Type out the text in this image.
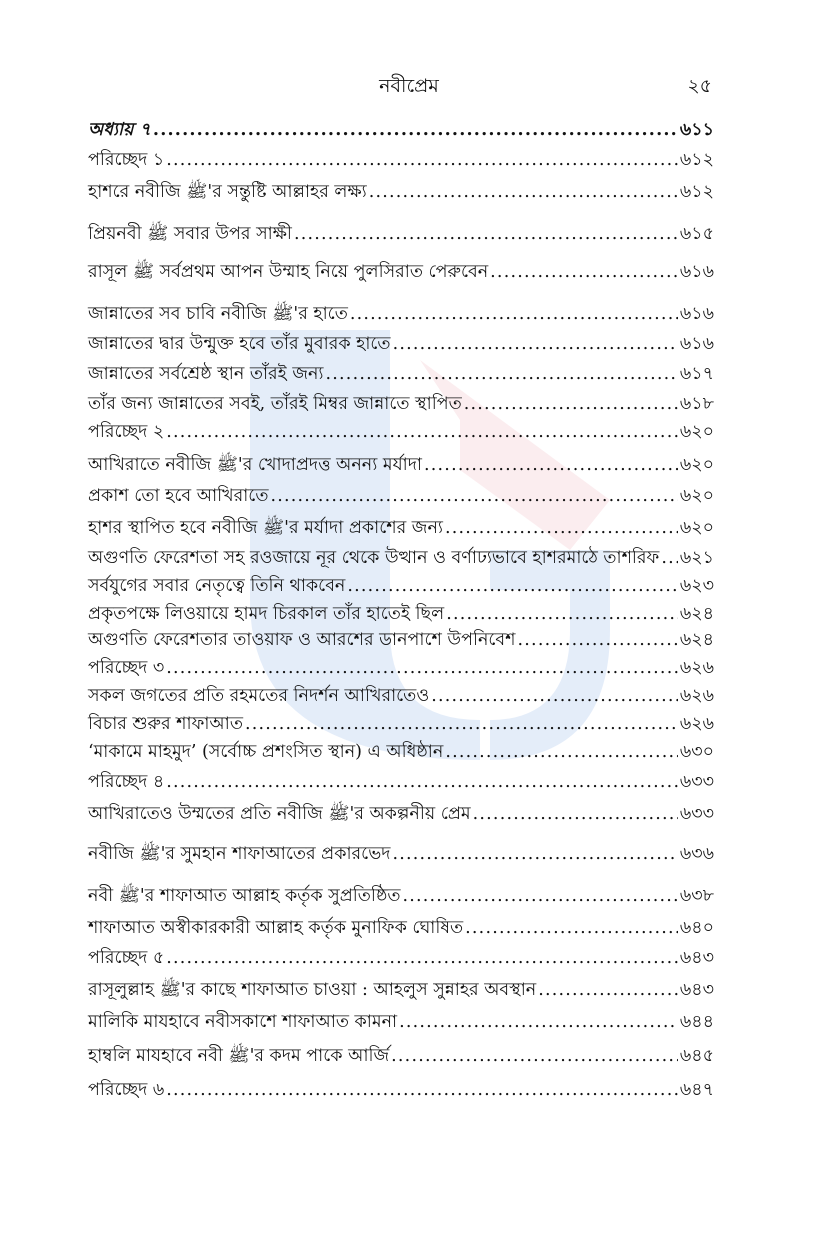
নবীপ্রেম	২৫
অধ্যায় ৭ .....	৬১১
পরিচ্ছেদ ১ .....	৬১২
হাশরে নবীজি ﷺ'র সন্তুষ্টি আল্লাহর লক্ষ্য .....	৬১২
প্রিয়নবী ﷺ সবার উপর সাক্ষী .....	৬১৫
রাসূল ﷺ সর্বপ্রথম আপন উম্মাহ নিয়ে পুলসিরাত পেরুবেন .....	৬১৬
জান্নাতের সব চাবি নবীজি ﷺ'র হাতে .....	৬১৬
জান্নাতের দ্বার উন্মুক্ত হবে তাঁর মুবারক হাতে .....	৬১৬
জান্নাতের সর্বশ্রেষ্ঠ স্থান তাঁরই জন্য .....	৬১৭
তাঁর জন্য জান্নাতের সবই, তাঁরই মিম্বর জান্নাতে স্থাপিত .....	৬১৮
পরিচ্ছেদ ২ .....	৬২০
আখিরাতে নবীজি ﷺ'র খোদাপ্রদত্ত অনন্য মর্যাদা .....	৬২০
প্রকাশ তো হবে আখিরাতে .....	৬২০
হাশর স্থাপিত হবে নবীজি ﷺ'র মর্যাদা প্রকাশের জন্য .....	৬২০
অগুণতি ফেরেশতা সহ রওজায়ে নূর থেকে উত্থান ও বর্ণাঢ্যভাবে হাশরমাঠে তাশরিফ ..... ৬২১
সর্বযুগের সবার নেতৃত্বে তিনি থাকবেন .....	৬২৩
প্রকৃতপক্ষে লিওয়ায়ে হামদ চিরকাল তাঁর হাতেই ছিল .....	৬২৪
অগুণতি ফেরেশতার তাওয়াফ ও আরশের ডানপাশে উপনিবেশ .....	৬২৪
পরিচ্ছেদ ৩ .....	৬২৬
সকল জগতের প্রতি রহমতের নিদর্শন আখিরাতেও .....	৬২৬
বিচার শুরুর শাফাআত .....	৬২৬
‘মাকামে মাহমুদ’ (সর্বোচ্চ প্রশংসিত স্থান) এ অধিষ্ঠান .....	৬৩০
পরিচ্ছেদ ৪ .....	৬৩৩
আখিরাতেও উম্মতের প্রতি নবীজি ﷺ'র অকল্পনীয় প্রেম .....	৬৩৩
নবীজি ﷺ'র সুমহান শাফাআতের প্রকারভেদ .....	৬৩৬
নবী ﷺ'র শাফাআত আল্লাহ কর্তৃক সুপ্রতিষ্ঠিত .....	৬৩৮
শাফাআত অস্বীকারকারী আল্লাহ কর্তৃক মুনাফিক ঘোষিত .....	৬৪০
পরিচ্ছেদ ৫ .....	৬৪৩
রাসূলুল্লাহ ﷺ'র কাছে শাফাআত চাওয়া : আহলুস সুন্নাহর অবস্থান .....	৬৪৩
মালিকি মাযহাবে নবীসকাশে শাফাআত কামনা .....	৬৪৪
হাম্বলি মাযহাবে নবী ﷺ'র কদম পাকে আর্জি .....	৬৪৫
পরিচ্ছেদ ৬ .....	৬৪৭
